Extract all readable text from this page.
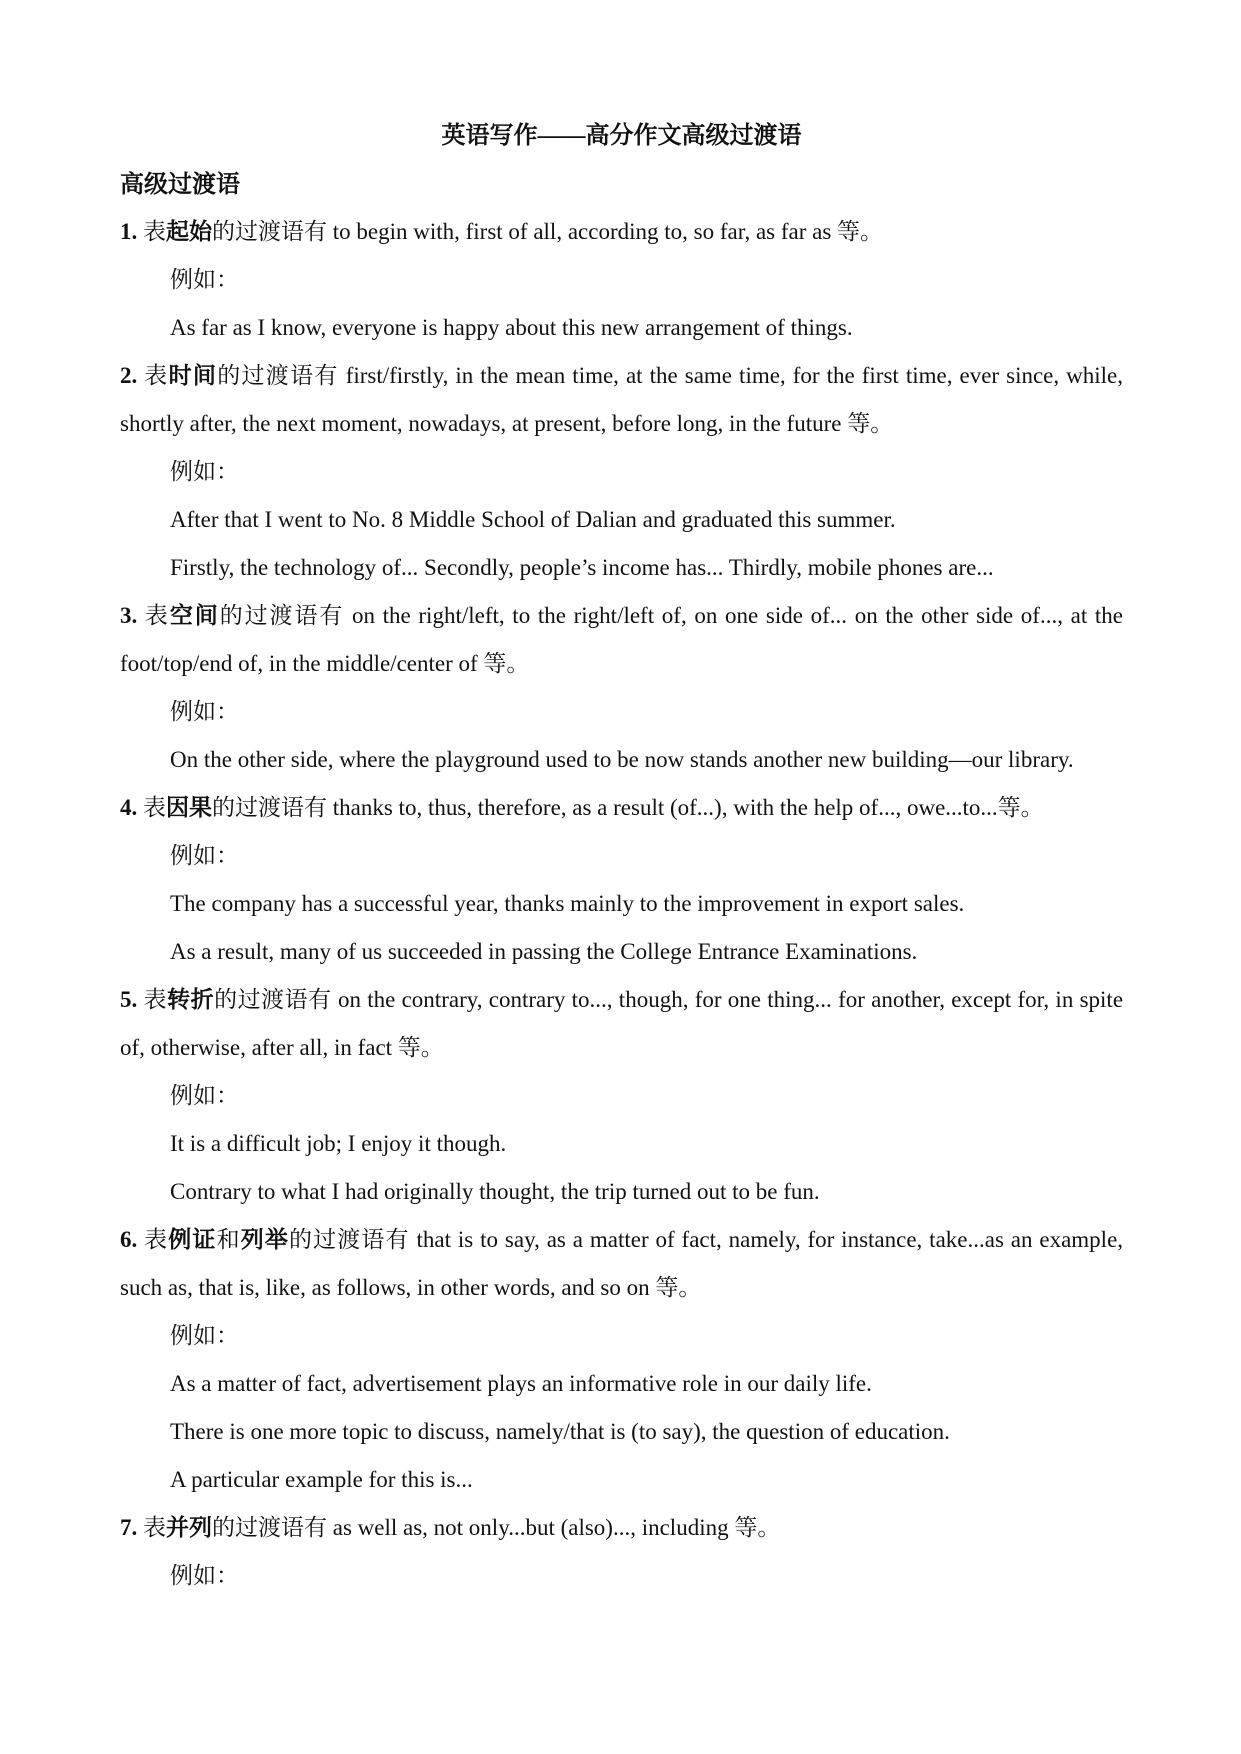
英语写作——高分作文高级过渡语

高级过渡语

1. 表起始的过渡语有 to begin with, first of all, according to, so far, as far as 等。

例如：

As far as I know, everyone is happy about this new arrangement of things.

2. 表时间的过渡语有 first/firstly, in the mean time, at the same time, for the first time, ever since, while, shortly after, the next moment, nowadays, at present, before long, in the future 等。

例如：

After that I went to No. 8 Middle School of Dalian and graduated this summer.

Firstly, the technology of... Secondly, people’s income has... Thirdly, mobile phones are...

3. 表空间的过渡语有 on the right/left, to the right/left of, on one side of... on the other side of..., at the foot/top/end of, in the middle/center of 等。

例如：

On the other side, where the playground used to be now stands another new building—our library.

4. 表因果的过渡语有 thanks to, thus, therefore, as a result (of...), with the help of..., owe...to...等。

例如：

The company has a successful year, thanks mainly to the improvement in export sales.

As a result, many of us succeeded in passing the College Entrance Examinations.

5. 表转折的过渡语有 on the contrary, contrary to..., though, for one thing... for another, except for, in spite of, otherwise, after all, in fact 等。

例如：

It is a difficult job; I enjoy it though.

Contrary to what I had originally thought, the trip turned out to be fun.

6. 表例证和列举的过渡语有 that is to say, as a matter of fact, namely, for instance, take...as an example, such as, that is, like, as follows, in other words, and so on 等。

例如：

As a matter of fact, advertisement plays an informative role in our daily life.

There is one more topic to discuss, namely/that is (to say), the question of education.

A particular example for this is...

7. 表并列的过渡语有 as well as, not only...but (also)..., including 等。

例如：
